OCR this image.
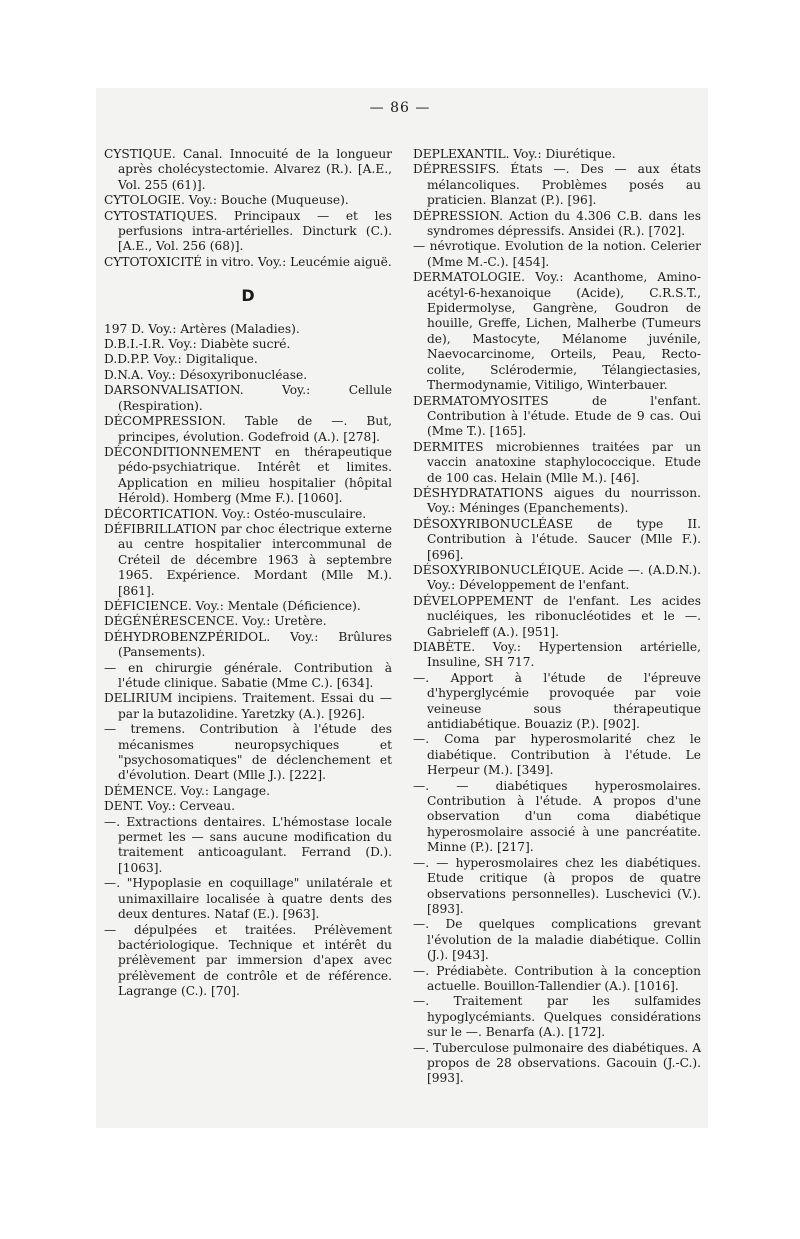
— 86 —

CYSTIQUE. Canal. Innocuité de la longueur après cholécystectomie. Alvarez (R.). [A.E., Vol. 255 (61)].

CYTOLOGIE. Voy.: Bouche (Muqueuse).

CYTOSTATIQUES. Principaux — et les perfusions intra-artérielles. Dincturk (C.). [A.E., Vol. 256 (68)].

CYTOTOXICITÉ in vitro. Voy.: Leucémie aiguë.

D

197 D. Voy.: Artères (Maladies).

D.B.I.-I.R. Voy.: Diabète sucré.

D.D.P.P. Voy.: Digitalique.

D.N.A. Voy.: Désoxyribonucléase.

DARSONVALISATION. Voy.: Cellule (Respiration).

DÉCOMPRESSION. Table de —. But, principes, évolution. Godefroid (A.). [278].

DÉCONDITIONNEMENT en thérapeutique pédo-psychiatrique. Intérêt et limites. Application en milieu hospitalier (hôpital Hérold). Homberg (Mme F.). [1060].

DÉCORTICATION. Voy.: Ostéo-musculaire.

DÉFIBRILLATION par choc électrique externe au centre hospitalier intercommunal de Créteil de décembre 1963 à septembre 1965. Expérience. Mordant (Mlle M.). [861].

DÉFICIENCE. Voy.: Mentale (Déficience).

DÉGÉNÉRESCENCE. Voy.: Uretère.

DÉHYDROBENZPÉRIDOL. Voy.: Brûlures (Pansements).

— en chirurgie générale. Contribution à l'étude clinique. Sabatie (Mme C.). [634].

DELIRIUM incipiens. Traitement. Essai du — par la butazolidine. Yaretzky (A.). [926].

— tremens. Contribution à l'étude des mécanismes neuropsychiques et "psychosomatiques" de déclenchement et d'évolution. Deart (Mlle J.). [222].

DÉMENCE. Voy.: Langage.

DENT. Voy.: Cerveau.

—. Extractions dentaires. L'hémostase locale permet les — sans aucune modification du traitement anticoagulant. Ferrand (D.). [1063].

—. "Hypoplasie en coquillage" unilatérale et unimaxillaire localisée à quatre dents des deux dentures. Nataf (E.). [963].

— dépulpées et traitées. Prélèvement bactériologique. Technique et intérêt du prélèvement par immersion d'apex avec prélèvement de contrôle et de référence. Lagrange (C.). [70].

DEPLEXANTIL. Voy.: Diurétique.

DÉPRESSIFS. États —. Des — aux états mélancoliques. Problèmes posés au praticien. Blanzat (P.). [96].

DÉPRESSION. Action du 4.306 C.B. dans les syndromes dépressifs. Ansidei (R.). [702].

— névrotique. Evolution de la notion. Celerier (Mme M.-C.). [454].

DERMATOLOGIE. Voy.: Acanthome, Amino-acétyl-6-hexanoique (Acide), C.R.S.T., Epidermolyse, Gangrène, Goudron de houille, Greffe, Lichen, Malherbe (Tumeurs de), Mastocyte, Mélanome juvénile, Naevocarcinome, Orteils, Peau, Recto-colite, Sclérodermie, Télangiectasies, Thermodynamie, Vitiligo, Winterbauer.

DERMATOMYOSITES de l'enfant. Contribution à l'étude. Etude de 9 cas. Oui (Mme T.). [165].

DERMITES microbiennes traitées par un vaccin anatoxine staphylococcique. Etude de 100 cas. Helain (Mlle M.). [46].

DÉSHYDRATATIONS aigues du nourrisson. Voy.: Méninges (Epanchements).

DÉSOXYRIBONUCLÉASE de type II. Contribution à l'étude. Saucer (Mlle F.). [696].

DÉSOXYRIBONUCLÉIQUE. Acide —. (A.D.N.). Voy.: Développement de l'enfant.

DÉVELOPPEMENT de l'enfant. Les acides nucléiques, les ribonucléotides et le —. Gabrieleff (A.). [951].

DIABÈTE. Voy.: Hypertension artérielle, Insuline, SH 717.

—. Apport à l'étude de l'épreuve d'hyperglycémie provoquée par voie veineuse sous thérapeutique antidiabétique. Bouaziz (P.). [902].

—. Coma par hyperosmolarité chez le diabétique. Contribution à l'étude. Le Herpeur (M.). [349].

—. — diabétiques hyperosmolaires. Contribution à l'étude. A propos d'une observation d'un coma diabétique hyperosmolaire associé à une pancréatite. Minne (P.). [217].

—. — hyperosmolaires chez les diabétiques. Etude critique (à propos de quatre observations personnelles). Luschevici (V.). [893].

—. De quelques complications grevant l'évolution de la maladie diabétique. Collin (J.). [943].

—. Prédiabète. Contribution à la conception actuelle. Bouillon-Tallendier (A.). [1016].

—. Traitement par les sulfamides hypoglycémiants. Quelques considérations sur le —. Benarfa (A.). [172].

—. Tuberculose pulmonaire des diabétiques. A propos de 28 observations. Gacouin (J.-C.). [993].
